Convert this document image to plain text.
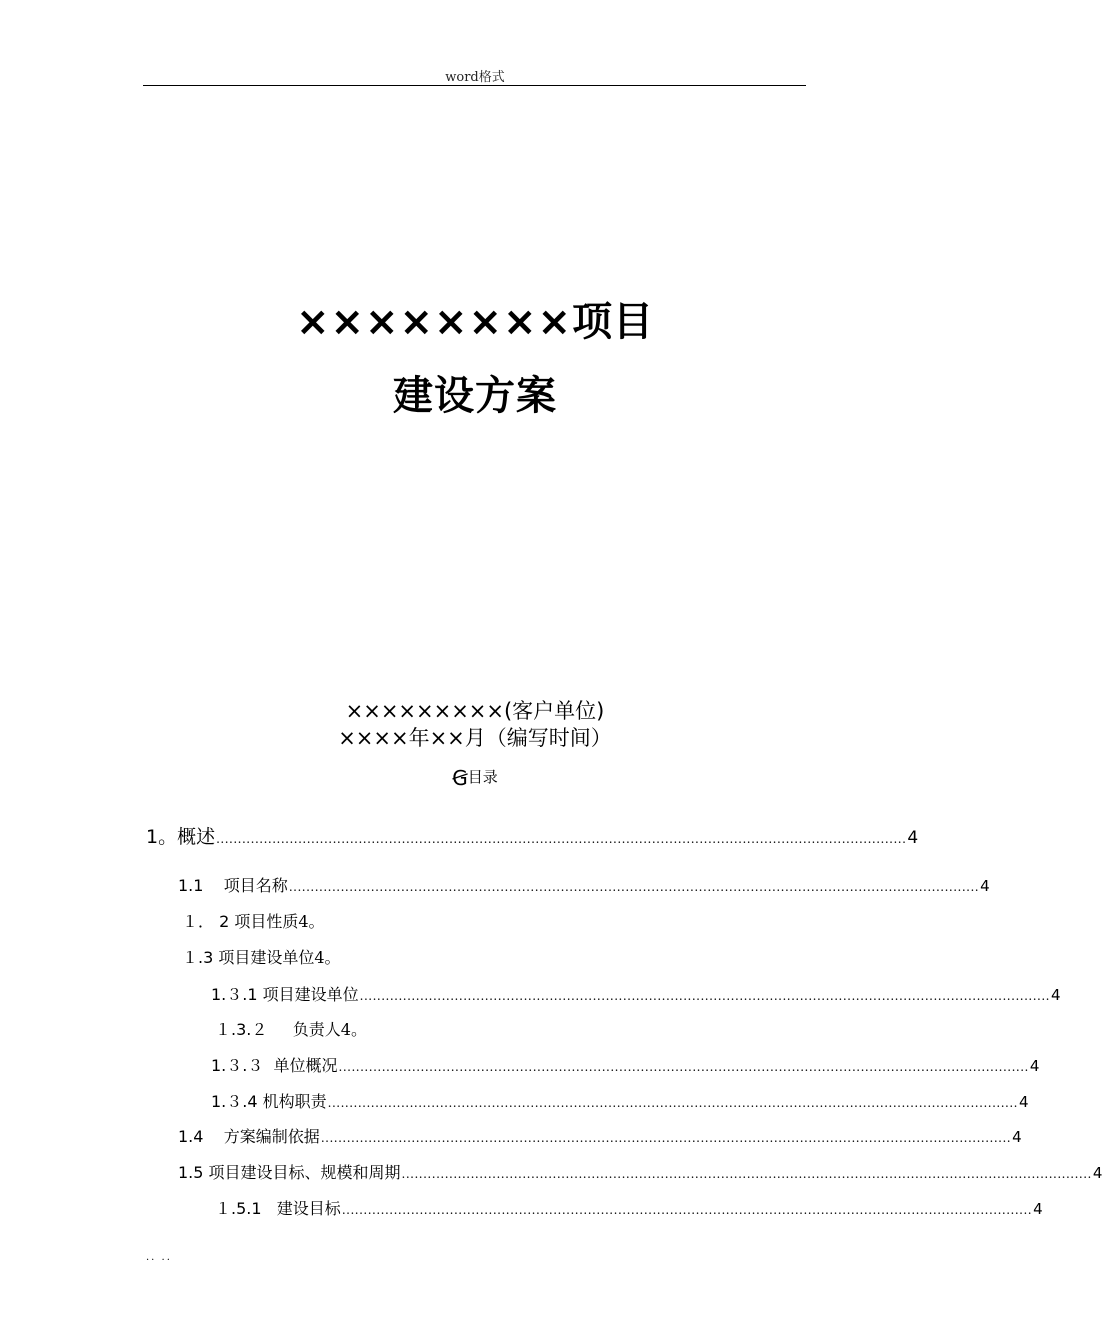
word格式
××××××××项目
建设方案
×××××××××(客户单位)
××××年××月（编写时间）
Ꞡ目录
1。 概述 ................................................................................................................................................................ 4
1.1 项目名称 ................................................................................................................................................................ 4
１． 2 项目性质4。
１.3 项目建设单位4。
1.３.1 项目建设单位 ................................................................................................................................................................ 4
１.3.２ 负责人4。
1.３.３ 单位概况 ................................................................................................................................................................ 4
1.３.4 机构职责 ................................................................................................................................................................ 4
1.4 方案编制依据 ................................................................................................................................................................ 4
1.5 项目建设目标、规模和周期 ................................................................................................................................................................ 4
１.5.1 建设目标 ................................................................................................................................................................ 4
.. ..
